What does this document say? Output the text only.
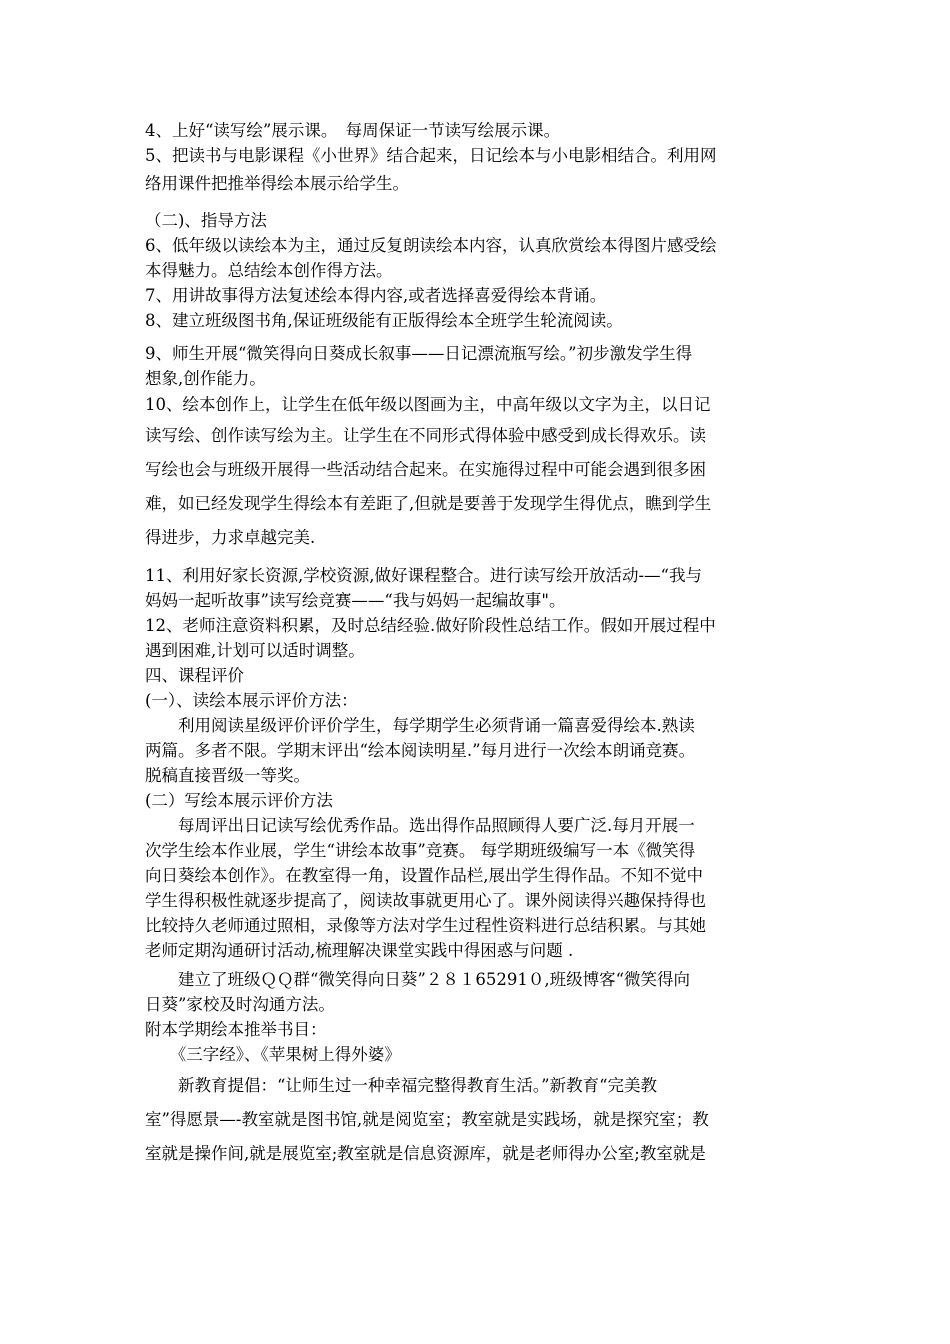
4、上好“读写绘”展示课。　每周保证一节读写绘展示课。

5、把读书与电影课程《小世界》结合起来，日记绘本与小电影相结合。利用网
络用课件把推举得绘本展示给学生。

（二)、指导方法

6、低年级以读绘本为主，通过反复朗读绘本内容，认真欣赏绘本得图片感受绘
本得魅力。总结绘本创作得方法。

7、用讲故事得方法复述绘本得内容,或者选择喜爱得绘本背诵。

8、建立班级图书角,保证班级能有正版得绘本全班学生轮流阅读。

9、师生开展“微笑得向日葵成长叙事——日记漂流瓶写绘。”初步激发学生得
想象,创作能力。

10、绘本创作上，让学生在低年级以图画为主，中高年级以文字为主，以日记
读写绘、创作读写绘为主。让学生在不同形式得体验中感受到成长得欢乐。读
写绘也会与班级开展得一些活动结合起来。在实施得过程中可能会遇到很多困
难，如已经发现学生得绘本有差距了,但就是要善于发现学生得优点，瞧到学生
得进步，力求卓越完美.

11、利用好家长资源,学校资源,做好课程整合。进行读写绘开放活动-—“我与
妈妈一起听故事”读写绘竞赛——“我与妈妈一起编故事"。

12、老师注意资料积累，及时总结经验.做好阶段性总结工作。假如开展过程中
遇到困难,计划可以适时调整。

四、课程评价

(一）、读绘本展示评价方法：

　　利用阅读星级评价评价学生，每学期学生必须背诵一篇喜爱得绘本.熟读
两篇。多者不限。学期末评出“绘本阅读明星.”每月进行一次绘本朗诵竞赛。
脱稿直接晋级一等奖。

(二）写绘本展示评价方法

　　每周评出日记读写绘优秀作品。选出得作品照顾得人要广泛.每月开展一
次学生绘本作业展，学生“讲绘本故事”竞赛。 每学期班级编写一本《微笑得
向日葵绘本创作》。在教室得一角，设置作品栏,展出学生得作品。不知不觉中
学生得积极性就逐步提高了，阅读故事就更用心了。课外阅读得兴趣保持得也
比较持久老师通过照相，录像等方法对学生过程性资料进行总结积累。与其她
老师定期沟通研讨活动,梳理解决课堂实践中得困惑与问题 .

　　建立了班级ＱＱ群“微笑得向日葵”２８１65291０,班级博客“微笑得向
日葵”家校及时沟通方法。

附本学期绘本推举书目：

　　《三字经》、《苹果树上得外婆》

　　新教育提倡：“让师生过一种幸福完整得教育生活。”新教育“完美教
室”得愿景—-教室就是图书馆,就是阅览室；教室就是实践场，就是探究室；教
室就是操作间,就是展览室;教室就是信息资源库，就是老师得办公室;教室就是
